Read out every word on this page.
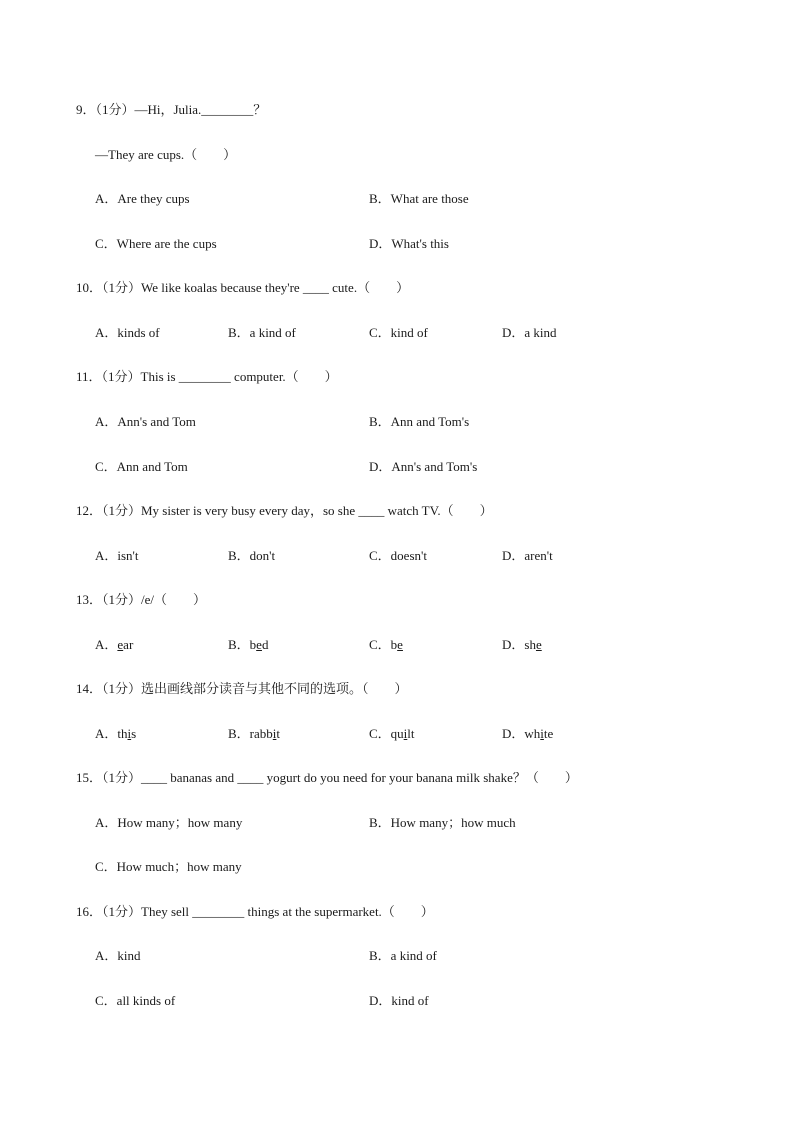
9．（1分）—Hi，Julia.________？
—They are cups.（　　）
A．Are they cups	B．What are those
C．Where are the cups	D．What's this
10．（1分）We like koalas because they're ____ cute.（　　）
A．kinds of	B．a kind of	C．kind of	D．a kind
11．（1分）This is ________ computer.（　　）
A．Ann's and Tom	B．Ann and Tom's
C．Ann and Tom	D．Ann's and Tom's
12．（1分）My sister is very busy every day，so she ____ watch TV.（　　）
A．isn't	B．don't	C．doesn't	D．aren't
13．（1分）/e/（　　）
A．ear	B．bed	C．be	D．she
14．（1分）选出画线部分读音与其他不同的选项。（　　）
A．this	B．rabbit	C．quilt	D．white
15．（1分）____ bananas and ____ yogurt do you need for your banana milk shake？（　　）
A．How many；how many	B．How many；how much
C．How much；how many
16．（1分）They sell ________ things at the supermarket.（　　）
A．kind	B．a kind of
C．all kinds of	D．kind of
